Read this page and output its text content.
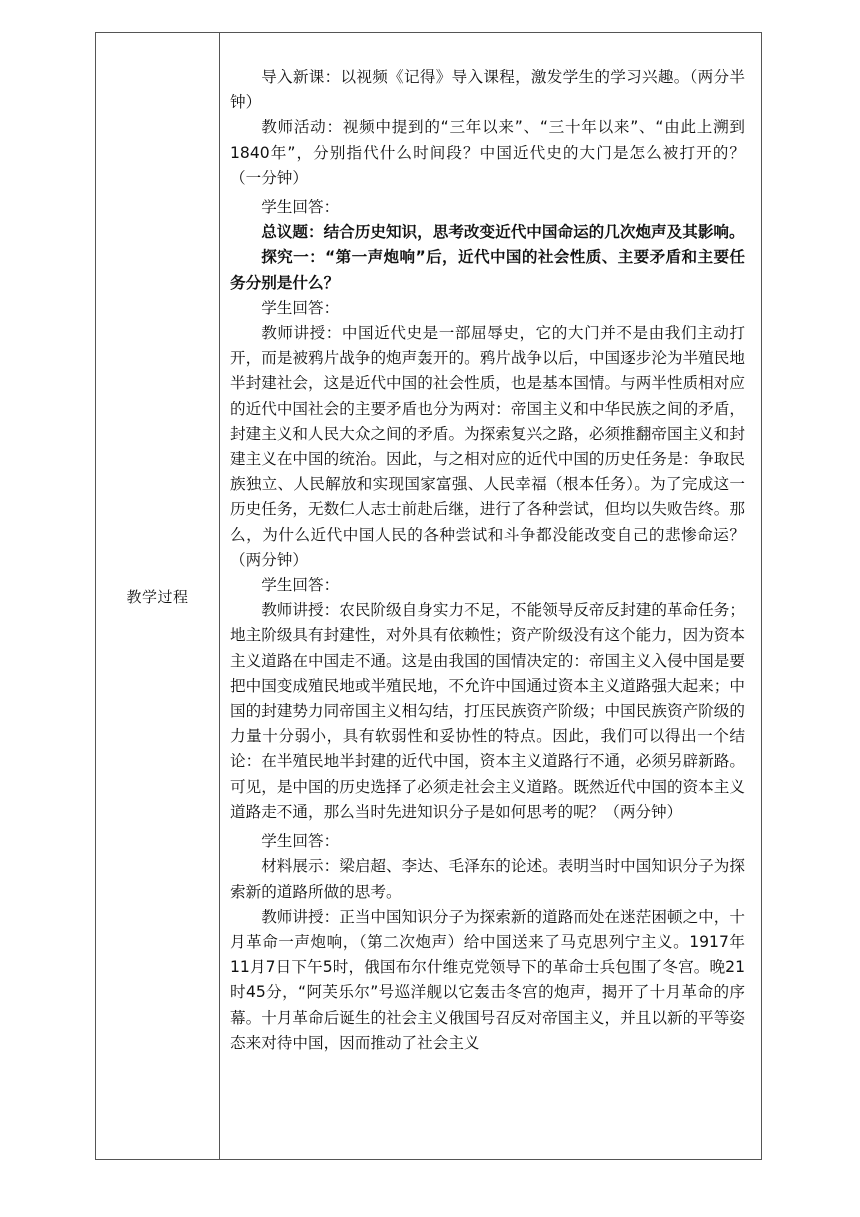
教学过程

导入新课：以视频《记得》导入课程，激发学生的学习兴趣。（两分半钟）

教师活动：视频中提到的“三年以来”、“三十年以来”、“由此上溯到1840年”，分别指代什么时间段？中国近代史的大门是怎么被打开的？（一分钟）

学生回答：

总议题：结合历史知识，思考改变近代中国命运的几次炮声及其影响。

探究一：“第一声炮响”后，近代中国的社会性质、主要矛盾和主要任务分别是什么？

学生回答：

教师讲授：中国近代史是一部屈辱史，它的大门并不是由我们主动打开，而是被鸦片战争的炮声轰开的。鸦片战争以后，中国逐步沦为半殖民地半封建社会，这是近代中国的社会性质，也是基本国情。与两半性质相对应的近代中国社会的主要矛盾也分为两对：帝国主义和中华民族之间的矛盾，封建主义和人民大众之间的矛盾。为探索复兴之路，必须推翻帝国主义和封建主义在中国的统治。因此，与之相对应的近代中国的历史任务是：争取民族独立、人民解放和实现国家富强、人民幸福（根本任务）。为了完成这一历史任务，无数仁人志士前赴后继，进行了各种尝试，但均以失败告终。那么，为什么近代中国人民的各种尝试和斗争都没能改变自己的悲惨命运？（两分钟）

学生回答：

教师讲授：农民阶级自身实力不足，不能领导反帝反封建的革命任务；地主阶级具有封建性，对外具有依赖性；资产阶级没有这个能力，因为资本主义道路在中国走不通。这是由我国的国情决定的：帝国主义入侵中国是要把中国变成殖民地或半殖民地，不允许中国通过资本主义道路强大起来；中国的封建势力同帝国主义相勾结，打压民族资产阶级；中国民族资产阶级的力量十分弱小，具有软弱性和妥协性的特点。因此，我们可以得出一个结论：在半殖民地半封建的近代中国，资本主义道路行不通，必须另辟新路。可见，是中国的历史选择了必须走社会主义道路。既然近代中国的资本主义道路走不通，那么当时先进知识分子是如何思考的呢？（两分钟）

学生回答：

材料展示：梁启超、李达、毛泽东的论述。表明当时中国知识分子为探索新的道路所做的思考。

教师讲授：正当中国知识分子为探索新的道路而处在迷茫困顿之中，十月革命一声炮响，（第二次炮声）给中国送来了马克思列宁主义。1917年11月7日下午5时，俄国布尔什维克党领导下的革命士兵包围了冬宫。晚21时45分，“阿芙乐尔”号巡洋舰以它轰击冬宫的炮声，揭开了十月革命的序幕。十月革命后诞生的社会主义俄国号召反对帝国主义，并且以新的平等姿态来对待中国，因而推动了社会主义
